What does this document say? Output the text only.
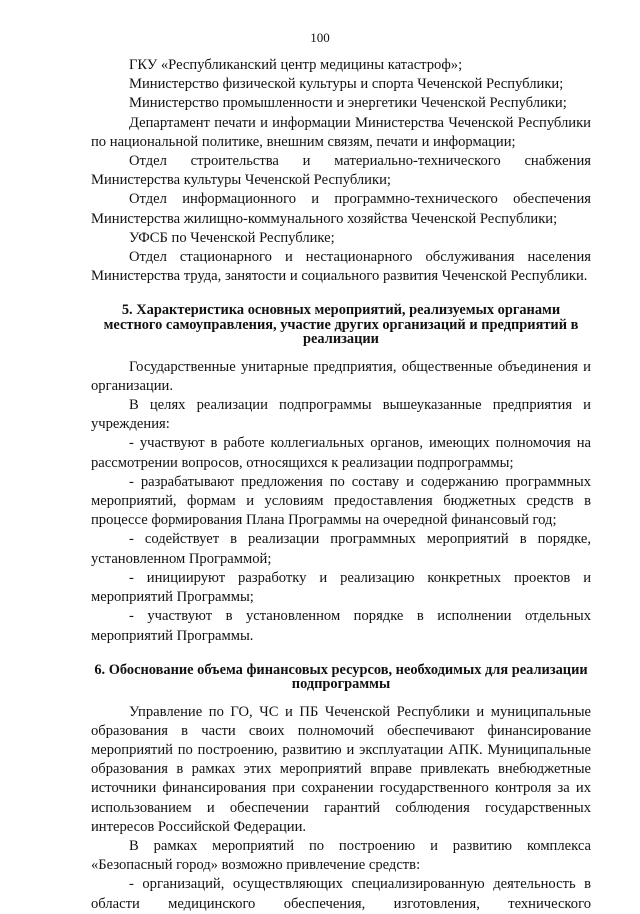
100

ГКУ «Республиканский центр медицины катастроф»;

Министерство физической культуры и спорта Чеченской Республики;

Министерство промышленности и энергетики Чеченской Республики;

Департамент печати и информации Министерства Чеченской Республики по национальной политике, внешним связям, печати и информации;

Отдел строительства и материально-технического снабжения Министерства культуры Чеченской Республики;

Отдел информационного и программно-технического обеспечения Министерства жилищно-коммунального хозяйства Чеченской Республики;

УФСБ по Чеченской Республике;

Отдел стационарного и нестационарного обслуживания населения Министерства труда, занятости и социального развития Чеченской Республики.

5. Характеристика основных мероприятий, реализуемых органами местного самоуправления, участие других организаций и предприятий в реализации

Государственные унитарные предприятия, общественные объединения и организации.

В целях реализации подпрограммы вышеуказанные предприятия и учреждения:

- участвуют в работе коллегиальных органов, имеющих полномочия на рассмотрении вопросов, относящихся к реализации подпрограммы;

- разрабатывают предложения по составу и содержанию программных мероприятий, формам и условиям предоставления бюджетных средств в процессе формирования Плана Программы на очередной финансовый год;

- содействует в реализации программных мероприятий в порядке, установленном Программой;

- инициируют разработку и реализацию конкретных проектов и мероприятий Программы;

- участвуют в установленном порядке в исполнении отдельных мероприятий Программы.

6. Обоснование объема финансовых ресурсов, необходимых для реализации подпрограммы

Управление по ГО, ЧС и ПБ Чеченской Республики и муниципальные образования в части своих полномочий обеспечивают финансирование мероприятий по построению, развитию и эксплуатации АПК. Муниципальные образования в рамках этих мероприятий вправе привлекать внебюджетные источники финансирования при сохранении государственного контроля за их использованием и обеспечении гарантий соблюдения государственных интересов Российской Федерации.

В рамках мероприятий по построению и развитию комплекса «Безопасный город» возможно привлечение средств:

- организаций, осуществляющих специализированную деятельность в области медицинского обеспечения, изготовления, технического
